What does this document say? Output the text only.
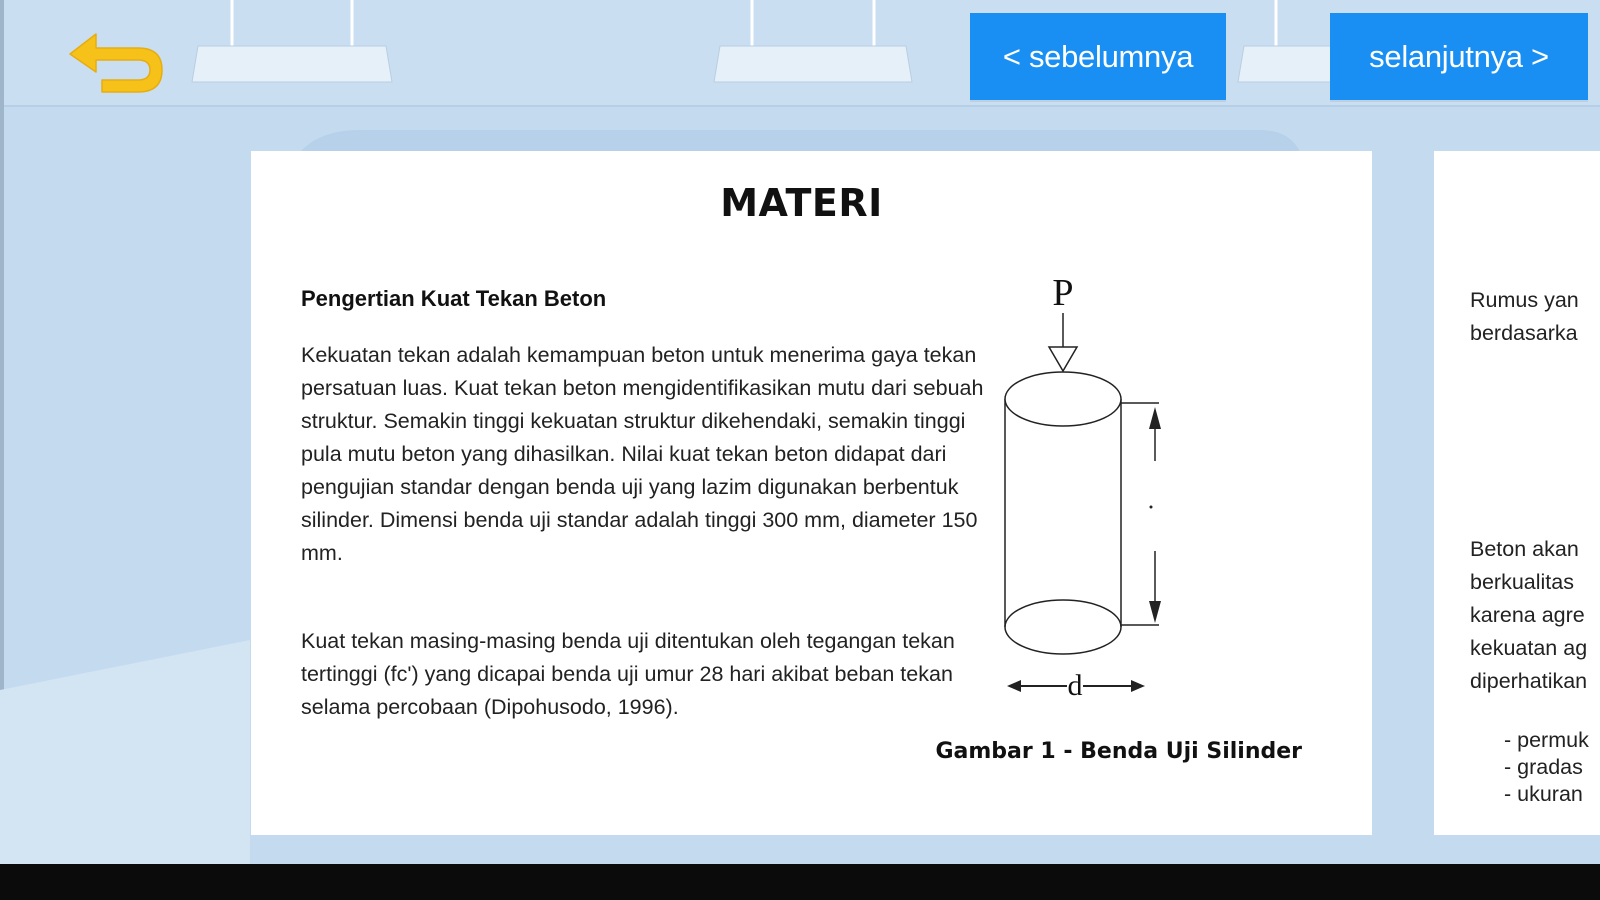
< sebelumnya	selanjutnya >
MATERI
Pengertian Kuat Tekan Beton

Kekuatan tekan adalah kemampuan beton untuk menerima gaya tekan persatuan luas. Kuat tekan beton mengidentifikasikan mutu dari sebuah struktur. Semakin tinggi kekuatan struktur dikehendaki, semakin tinggi pula mutu beton yang dihasilkan. Nilai kuat tekan beton didapat dari pengujian standar dengan benda uji yang lazim digunakan berbentuk silinder. Dimensi benda uji standar adalah tinggi 300 mm, diameter 150 mm.

Kuat tekan masing-masing benda uji ditentukan oleh tegangan tekan tertinggi (fc') yang dicapai benda uji umur 28 hari akibat beban tekan selama percobaan (Dipohusodo, 1996).

P
d
Gambar 1 - Benda Uji Silinder

Rumus yan
berdasarka

Beton akan
berkualitas
karena agre
kekuatan ag
diperhatikan

- permuk
- gradas
- ukuran
